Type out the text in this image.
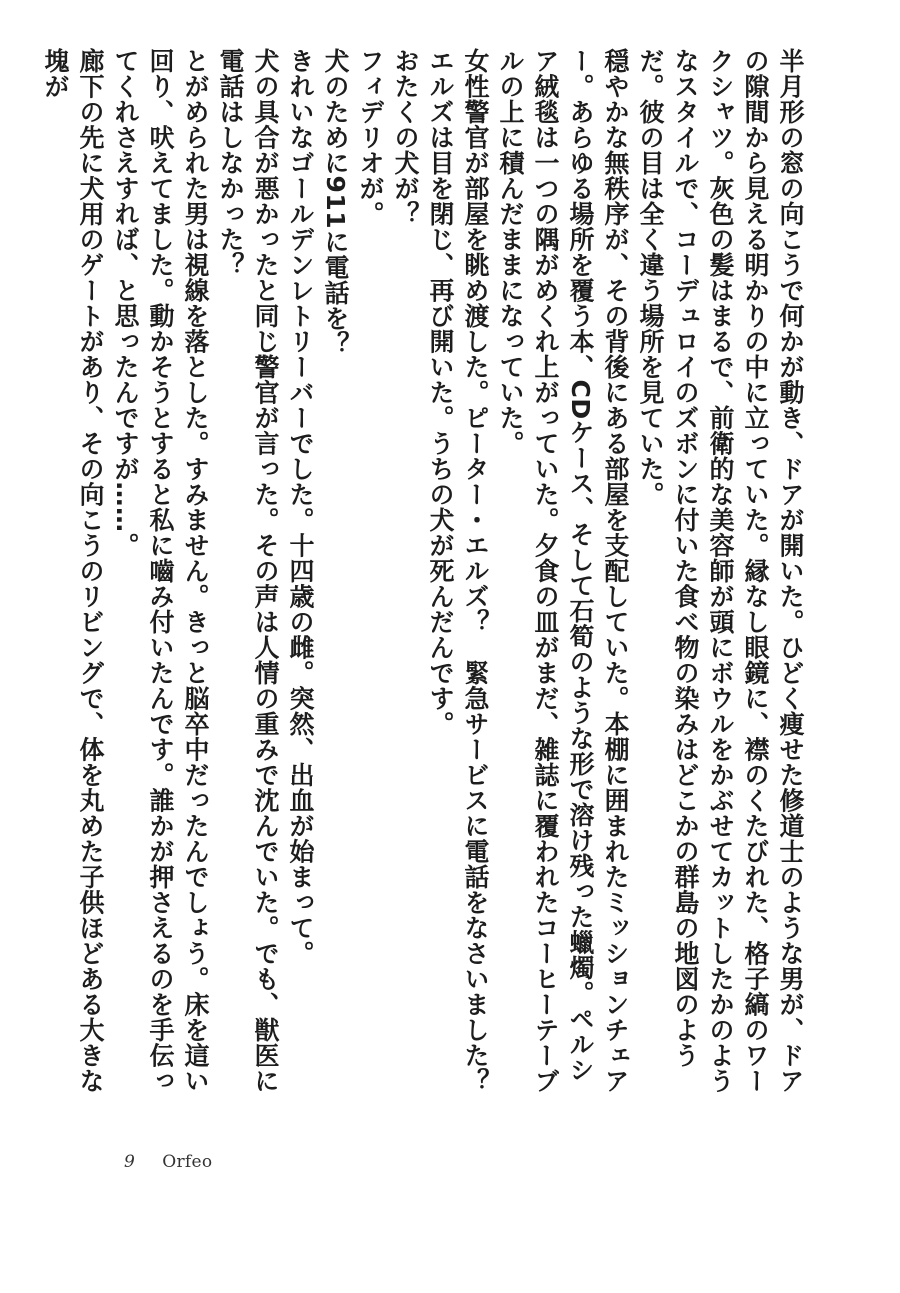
半月形の窓の向こうで何かが動き、ドアが開いた。ひどく痩せた修道士のような男が、ドアの隙間から見える明かりの中に立っていた。縁なし眼鏡に、襟のくたびれた、格子縞のワークシャツ。灰色の髪はまるで、前衛的な美容師が頭にボウルをかぶせてカットしたかのようなスタイルで、コーデュロイのズボンに付いた食べ物の染みはどこかの群島の地図のようだ。彼の目は全く違う場所を見ていた。

穏やかな無秩序が、その背後にある部屋を支配していた。本棚に囲まれたミッションチェアー。あらゆる場所を覆う本、CDケース、そして石筍のような形で溶け残った蠟燭。ペルシア絨毯は一つの隅がめくれ上がっていた。夕食の皿がまだ、雑誌に覆われたコーヒーテーブルの上に積んだままになっていた。

女性警官が部屋を眺め渡した。ピーター・エルズ？　緊急サービスに電話をなさいました？

エルズは目を閉じ、再び開いた。うちの犬が死んだんです。

おたくの犬が？

フィデリオが。

犬のために911に電話を？

きれいなゴールデンレトリーバーでした。十四歳の雌。突然、出血が始まって。

犬の具合が悪かったと同じ警官が言った。その声は人情の重みで沈んでいた。でも、獣医に電話はしなかった？

とがめられた男は視線を落とした。すみません。きっと脳卒中だったんでしょう。床を這い回り、吠えてました。動かそうとすると私に嚙み付いたんです。誰かが押さえるのを手伝ってくれさえすれば、と思ったんですが……。

廊下の先に犬用のゲートがあり、その向こうのリビングで、体を丸めた子供ほどある大きな塊が

9 Orfeo
